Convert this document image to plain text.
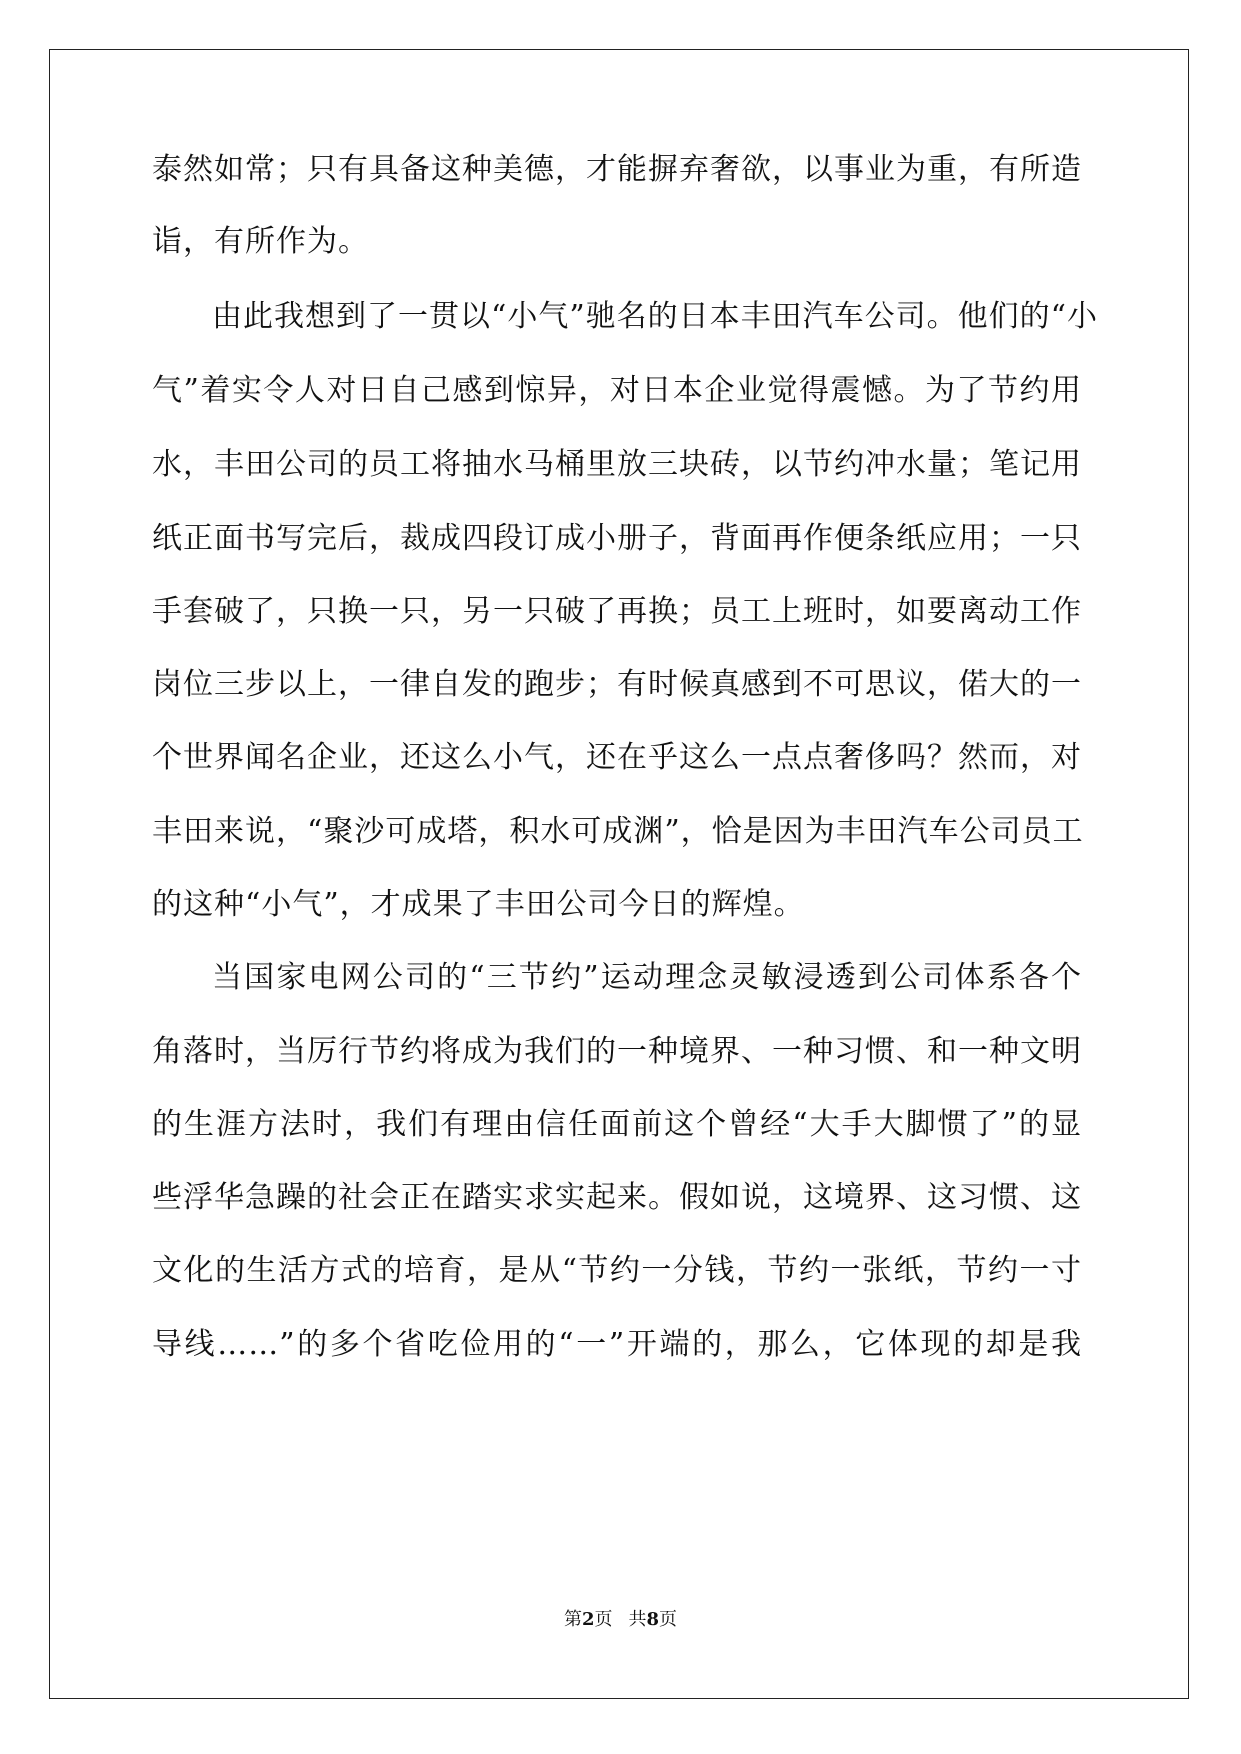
泰然如常；只有具备这种美德，才能摒弃奢欲，以事业为重，有所造
诣，有所作为。
由此我想到了一贯以“小气”驰名的日本丰田汽车公司。他们的“小
气”着实令人对日自己感到惊异，对日本企业觉得震憾。为了节约用
水，丰田公司的员工将抽水马桶里放三块砖，以节约冲水量；笔记用
纸正面书写完后，裁成四段订成小册子，背面再作便条纸应用；一只
手套破了，只换一只，另一只破了再换；员工上班时，如要离动工作
岗位三步以上，一律自发的跑步；有时候真感到不可思议，偌大的一
个世界闻名企业，还这么小气，还在乎这么一点点奢侈吗？然而，对
丰田来说，“聚沙可成塔，积水可成渊”，恰是因为丰田汽车公司员工
的这种“小气”，才成果了丰田公司今日的辉煌。
当国家电网公司的“三节约”运动理念灵敏浸透到公司体系各个
角落时，当厉行节约将成为我们的一种境界、一种习惯、和一种文明
的生涯方法时，我们有理由信任面前这个曾经“大手大脚惯了”的显
些浮华急躁的社会正在踏实求实起来。假如说，这境界、这习惯、这
文化的生活方式的培育，是从“节约一分钱，节约一张纸，节约一寸
导线……”的多个省吃俭用的“一”开端的，那么，它体现的却是我
第2页 共8页
